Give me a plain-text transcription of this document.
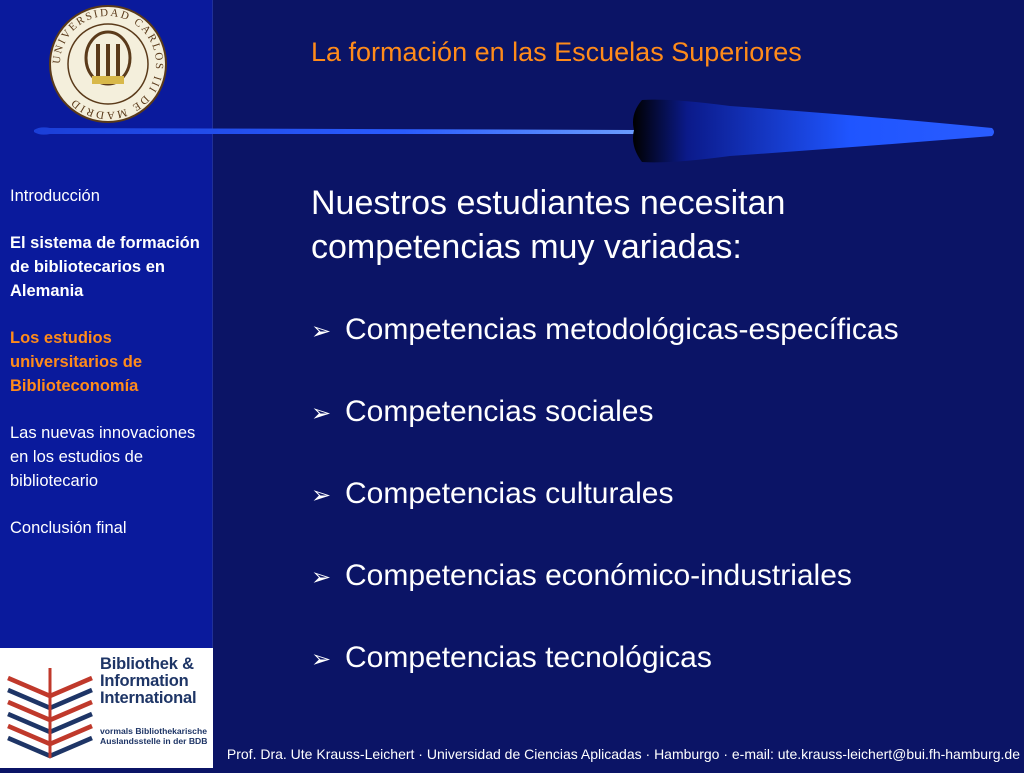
UNIVERSIDAD CARLOS III DE MADRID
Introducción
El sistema de formación de bibliotecarios en Alemania
Los estudios universitarios de Biblioteconomía
Las nuevas innovaciones en los estudios de bibliotecario
Conclusión final
Bibliothek &
Information
International
vormals Bibliothekarische Auslandsstelle in der BDB
La formación en las Escuelas Superiores
Nuestros estudiantes necesitan competencias muy variadas:
➢ Competencias metodológicas-específicas
➢ Competencias sociales
➢ Competencias culturales
➢ Competencias económico-industriales
➢ Competencias tecnológicas
Prof. Dra. Ute Krauss-Leichert · Universidad de Ciencias Aplicadas · Hamburgo · e-mail: ute.krauss-leichert@bui.fh-hamburg.de
